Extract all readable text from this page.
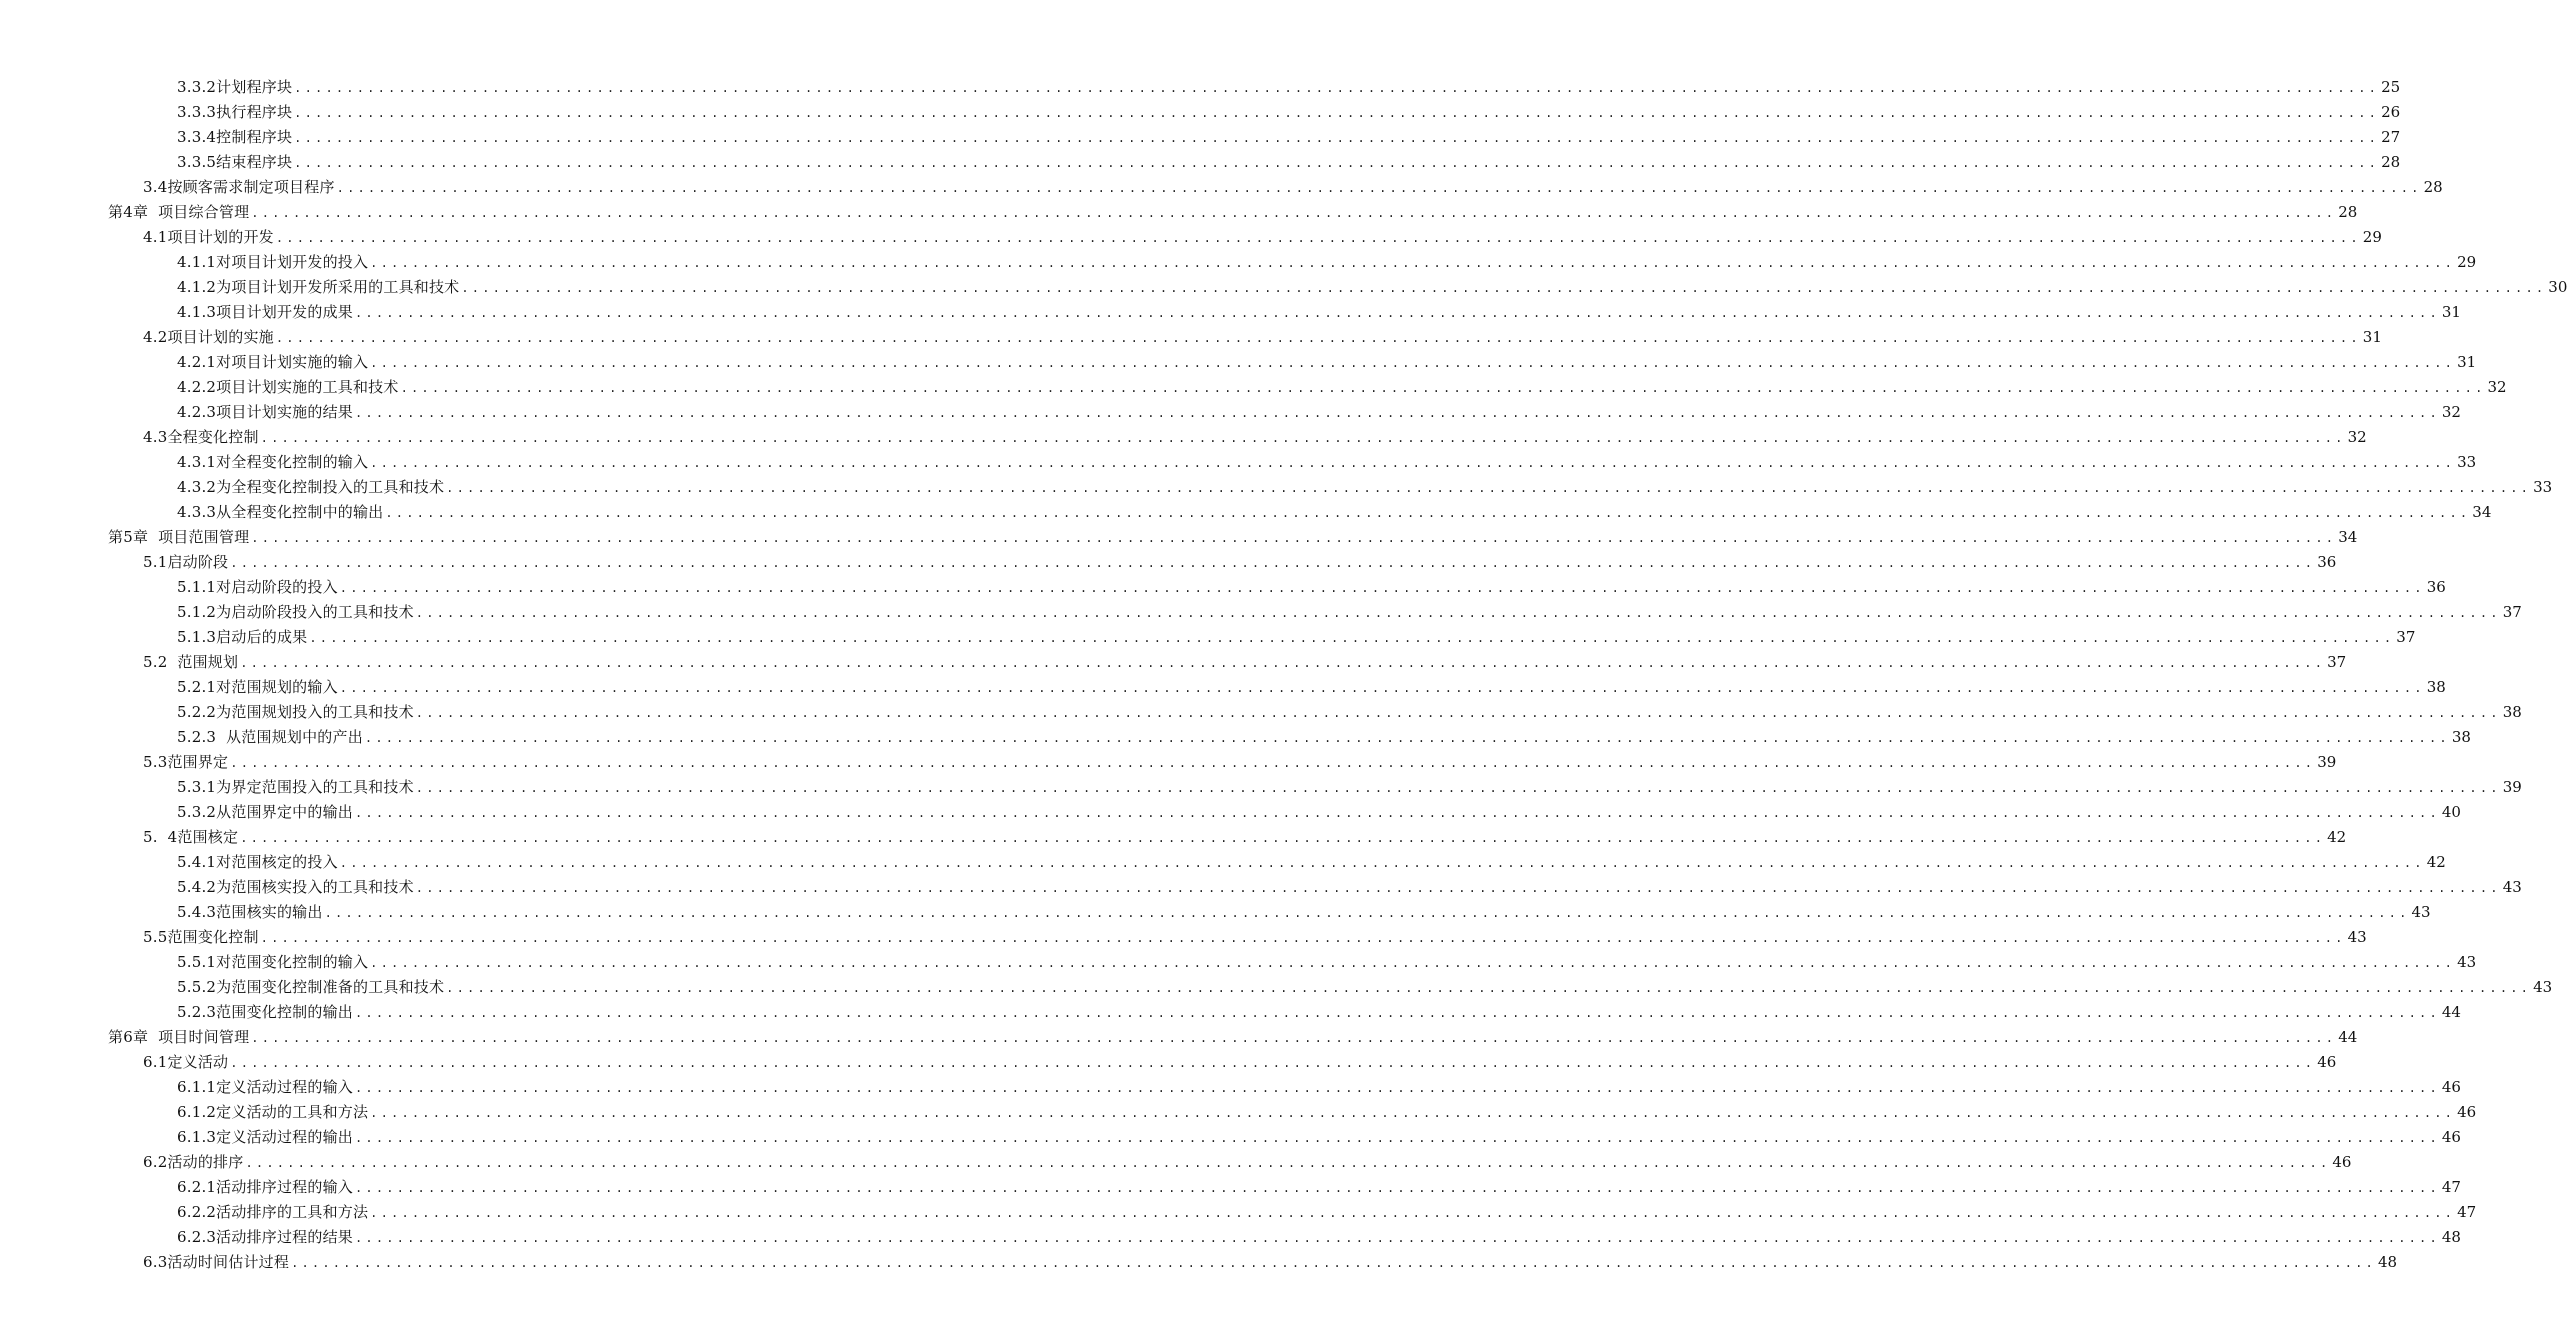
3.3.2计划程序块 ........................................................................................................................................................................................................ 25
3.3.3执行程序块 ........................................................................................................................................................................................................ 26
3.3.4控制程序块 ........................................................................................................................................................................................................ 27
3.3.5结束程序块 ........................................................................................................................................................................................................ 28
3.4按顾客需求制定项目程序 ........................................................................................................................................................................................................ 28
第4章  项目综合管理 ........................................................................................................................................................................................................ 28
4.1项目计划的开发 ........................................................................................................................................................................................................ 29
4.1.1对项目计划开发的投入 ........................................................................................................................................................................................................ 29
4.1.2为项目计划开发所采用的工具和技术 ........................................................................................................................................................................................................ 30
4.1.3项目计划开发的成果 ........................................................................................................................................................................................................ 31
4.2项目计划的实施 ........................................................................................................................................................................................................ 31
4.2.1对项目计划实施的输入 ........................................................................................................................................................................................................ 31
4.2.2项目计划实施的工具和技术 ........................................................................................................................................................................................................ 32
4.2.3项目计划实施的结果 ........................................................................................................................................................................................................ 32
4.3全程变化控制 ........................................................................................................................................................................................................ 32
4.3.1对全程变化控制的输入 ........................................................................................................................................................................................................ 33
4.3.2为全程变化控制投入的工具和技术 ........................................................................................................................................................................................................ 33
4.3.3从全程变化控制中的输出 ........................................................................................................................................................................................................ 34
第5章  项目范围管理 ........................................................................................................................................................................................................ 34
5.1启动阶段 ........................................................................................................................................................................................................ 36
5.1.1对启动阶段的投入 ........................................................................................................................................................................................................ 36
5.1.2为启动阶段投入的工具和技术 ........................................................................................................................................................................................................ 37
5.1.3启动后的成果 ........................................................................................................................................................................................................ 37
5.2  范围规划 ........................................................................................................................................................................................................ 37
5.2.1对范围规划的输入 ........................................................................................................................................................................................................ 38
5.2.2为范围规划投入的工具和技术 ........................................................................................................................................................................................................ 38
5.2.3  从范围规划中的产出 ........................................................................................................................................................................................................ 38
5.3范围界定 ........................................................................................................................................................................................................ 39
5.3.1为界定范围投入的工具和技术 ........................................................................................................................................................................................................ 39
5.3.2从范围界定中的输出 ........................................................................................................................................................................................................ 40
5.  4范围核定 ........................................................................................................................................................................................................ 42
5.4.1对范围核定的投入 ........................................................................................................................................................................................................ 42
5.4.2为范围核实投入的工具和技术 ........................................................................................................................................................................................................ 43
5.4.3范围核实的输出 ........................................................................................................................................................................................................ 43
5.5范围变化控制 ........................................................................................................................................................................................................ 43
5.5.1对范围变化控制的输入 ........................................................................................................................................................................................................ 43
5.5.2为范围变化控制准备的工具和技术 ........................................................................................................................................................................................................ 43
5.2.3范围变化控制的输出 ........................................................................................................................................................................................................ 44
第6章  项目时间管理 ........................................................................................................................................................................................................ 44
6.1定义活动 ........................................................................................................................................................................................................ 46
6.1.1定义活动过程的输入 ........................................................................................................................................................................................................ 46
6.1.2定义活动的工具和方法 ........................................................................................................................................................................................................ 46
6.1.3定义活动过程的输出 ........................................................................................................................................................................................................ 46
6.2活动的排序 ........................................................................................................................................................................................................ 46
6.2.1活动排序过程的输入 ........................................................................................................................................................................................................ 47
6.2.2活动排序的工具和方法 ........................................................................................................................................................................................................ 47
6.2.3活动排序过程的结果 ........................................................................................................................................................................................................ 48
6.3活动时间估计过程 ........................................................................................................................................................................................................ 48
